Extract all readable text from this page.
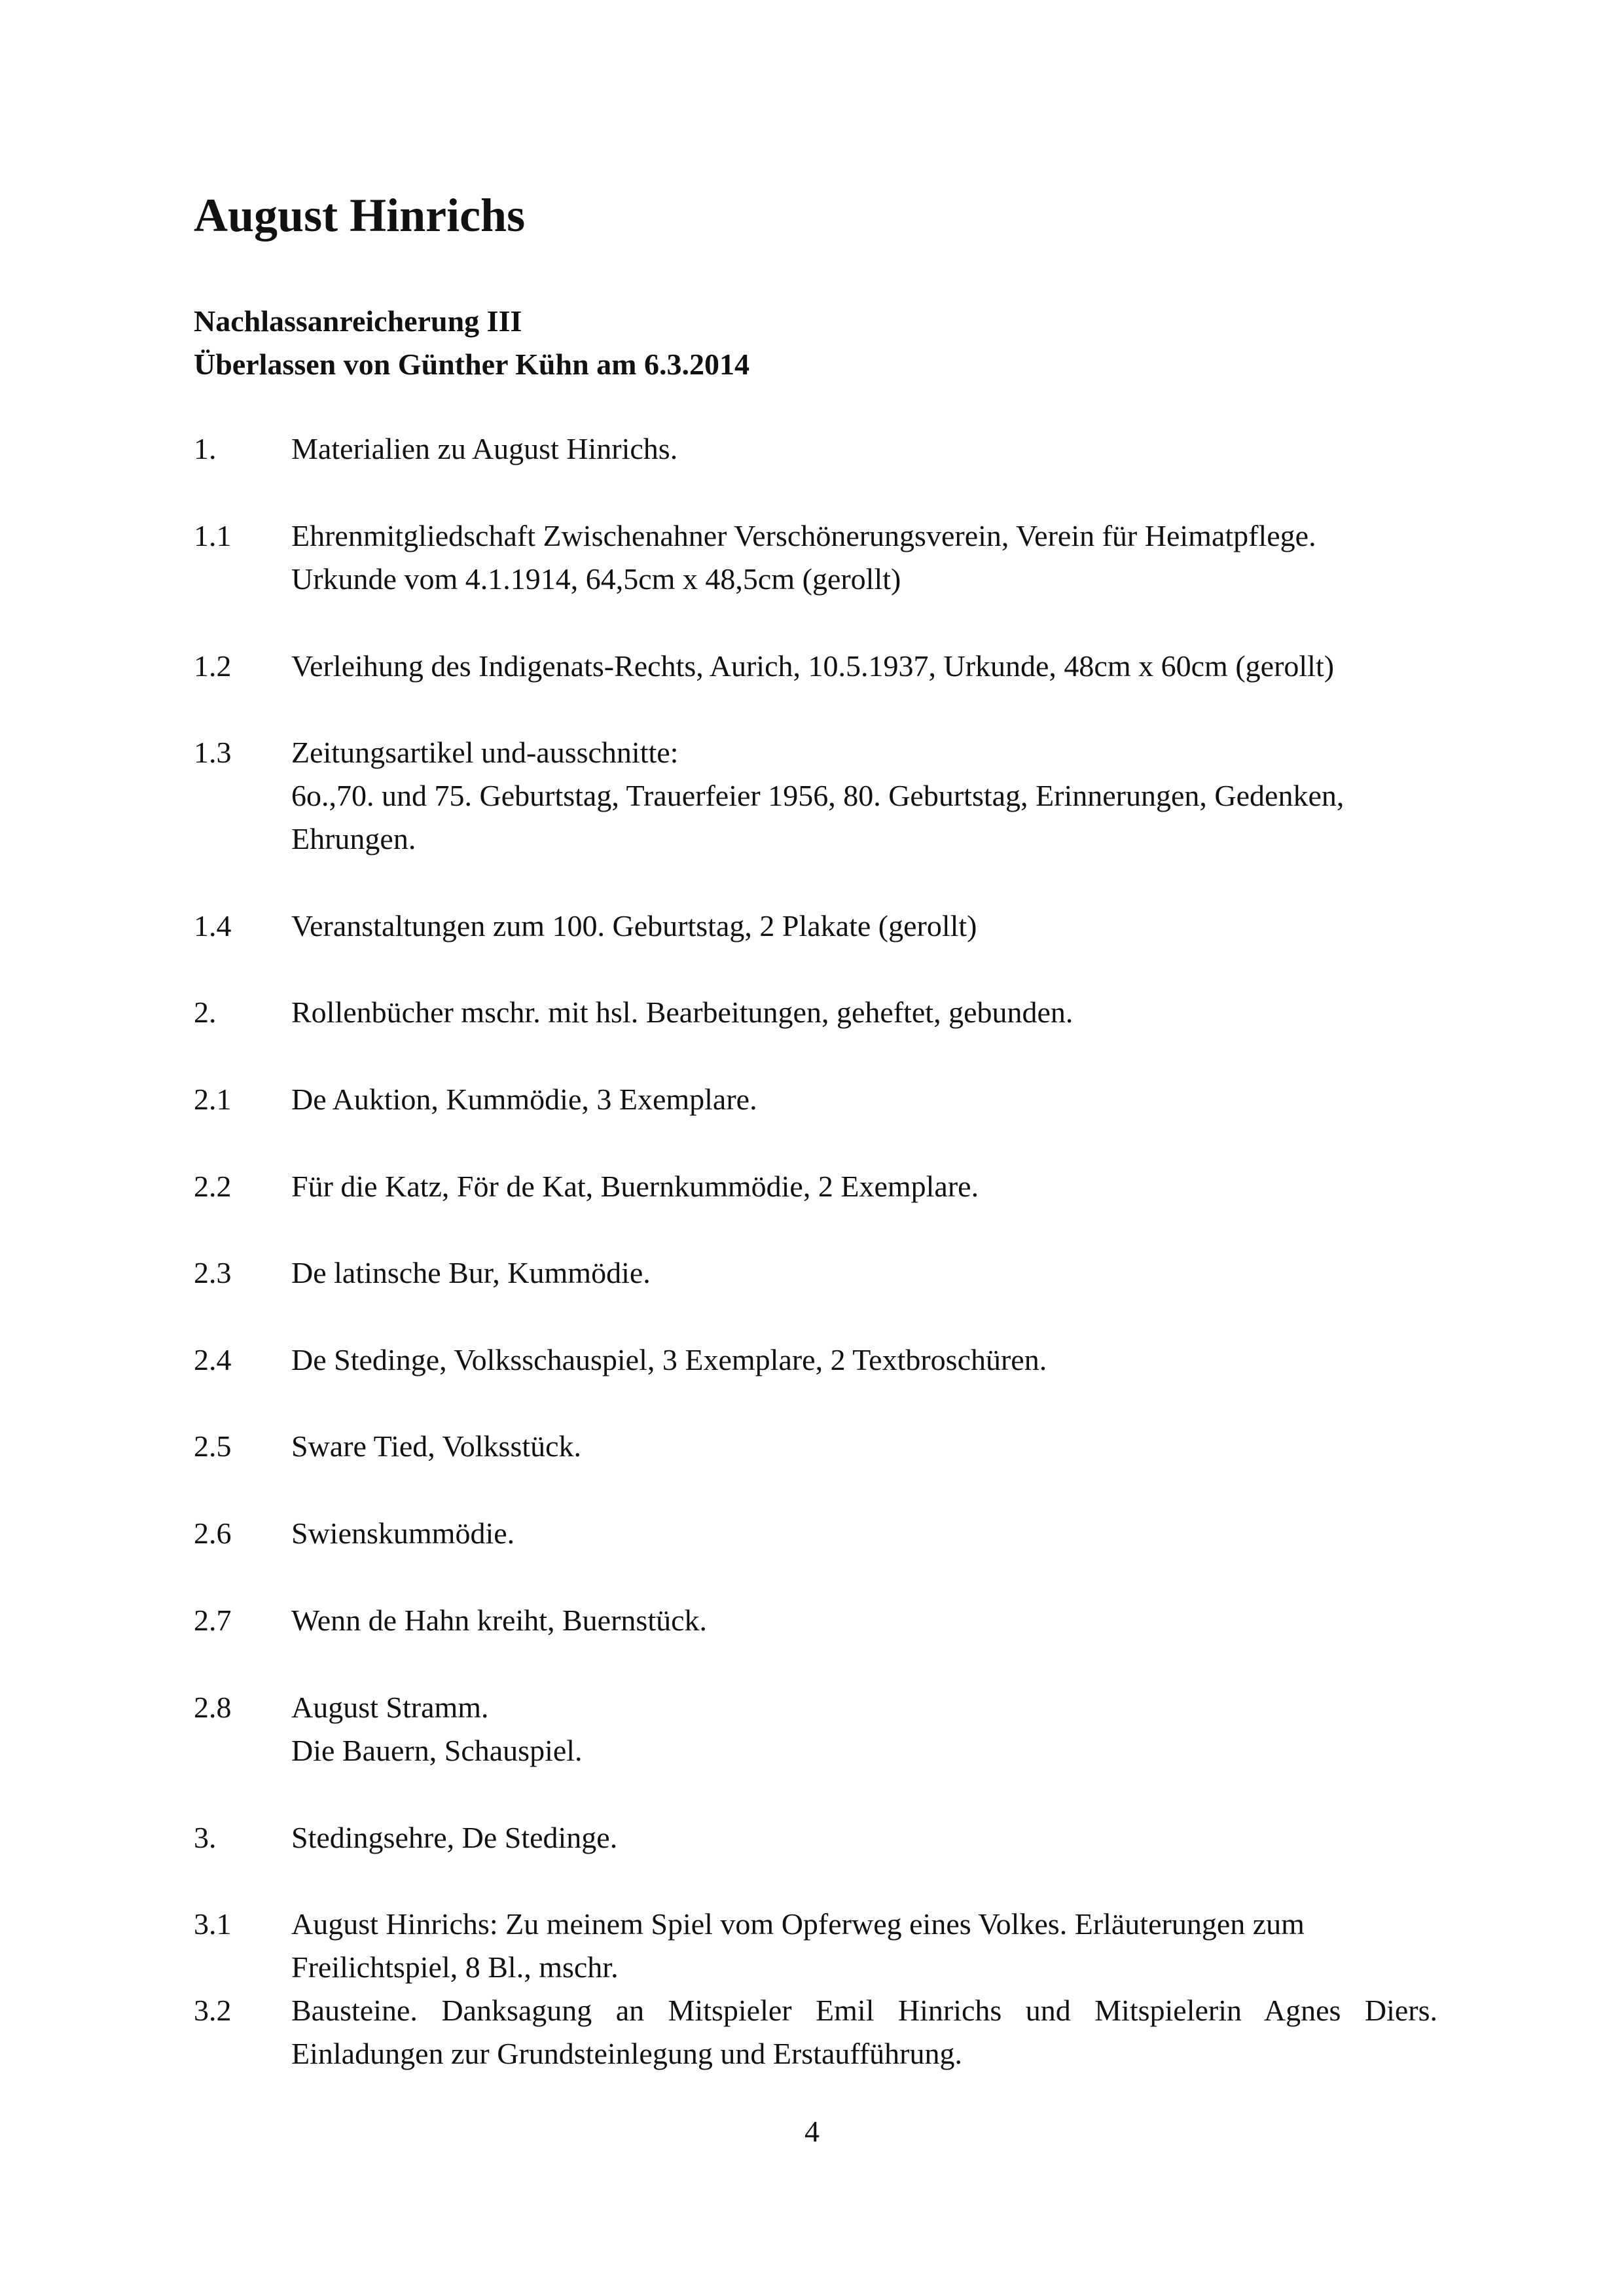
August Hinrichs

Nachlassanreicherung III

Überlassen von Günther Kühn am 6.3.2014

1. Materialien zu August Hinrichs.
1.1 Ehrenmitgliedschaft Zwischenahner Verschönerungsverein, Verein für Heimatpflege.
Urkunde vom 4.1.1914, 64,5cm x 48,5cm (gerollt)
1.2 Verleihung des Indigenats-Rechts, Aurich, 10.5.1937, Urkunde, 48cm x 60cm (gerollt)
1.3 Zeitungsartikel und-ausschnitte:
6o.,70. und 75. Geburtstag, Trauerfeier 1956, 80. Geburtstag, Erinnerungen, Gedenken,
Ehrungen.
1.4 Veranstaltungen zum 100. Geburtstag, 2 Plakate (gerollt)
2. Rollenbücher mschr. mit hsl. Bearbeitungen, geheftet, gebunden.
2.1 De Auktion, Kummödie, 3 Exemplare.
2.2 Für die Katz, För de Kat, Buernkummödie, 2 Exemplare.
2.3 De latinsche Bur, Kummödie.
2.4 De Stedinge, Volksschauspiel, 3 Exemplare, 2 Textbroschüren.
2.5 Sware Tied, Volksstück.
2.6 Swienskummödie.
2.7 Wenn de Hahn kreiht, Buernstück.
2.8 August Stramm.
Die Bauern, Schauspiel.
3. Stedingsehre, De Stedinge.
3.1 August Hinrichs: Zu meinem Spiel vom Opferweg eines Volkes. Erläuterungen zum
Freilichtspiel, 8 Bl., mschr.
3.2 Bausteine. Danksagung an Mitspieler Emil Hinrichs und Mitspielerin Agnes Diers.
Einladungen zur Grundsteinlegung und Erstaufführung.
4
